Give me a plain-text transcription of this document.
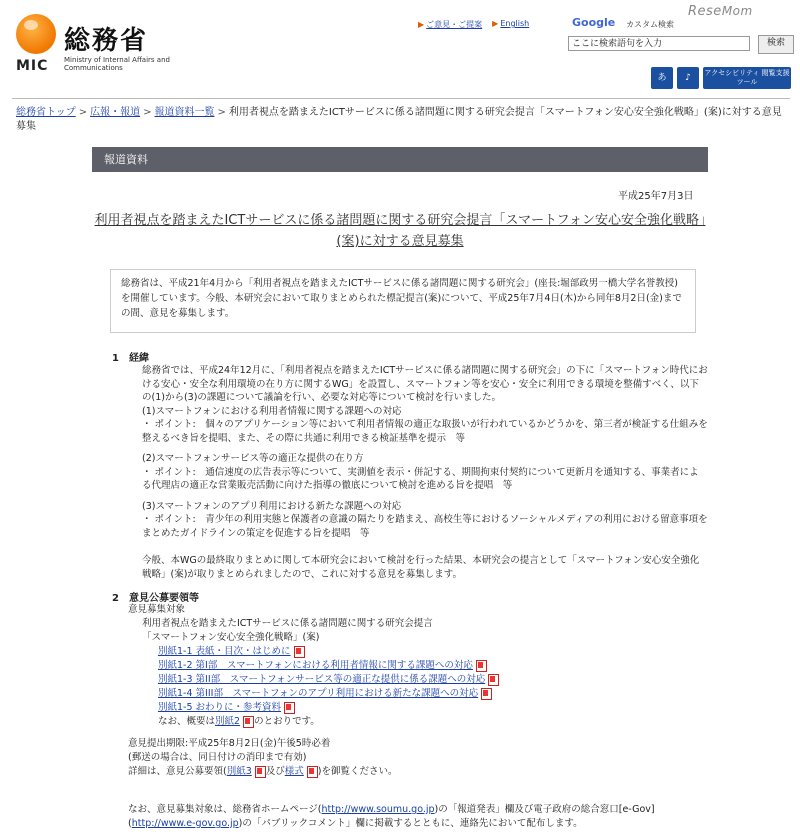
総務省
MIC Ministry of Internal Affairs and Communications
▶ ご意見・ご提案 ▶ English	Google カスタム検索
ここに検索語句を入力	検索
ReseMom
あ	♪	アクセシビリティ 閲覧支援ツール
総務省トップ > 広報・報道 > 報道資料一覧 > 利用者視点を踏まえたICTサービスに係る諸問題に関する研究会提言「スマートフォン安心安全強化戦略」(案)に対する意見募集
報道資料
平成25年7月3日
利用者視点を踏まえたICTサービスに係る諸問題に関する研究会提言「スマートフォン安心安全強化戦略」(案)に対する意見募集
総務省は、平成21年4月から「利用者視点を踏まえたICTサービスに係る諸問題に関する研究会」(座長:堀部政男一橋大学名誉教授)を開催しています。今般、本研究会において取りまとめられた標記提言(案)について、平成25年7月4日(木)から同年8月2日(金)までの間、意見を募集します。
1　経緯

総務省では、平成24年12月に、「利用者視点を踏まえたICTサービスに係る諸問題に関する研究会」の下に「スマートフォン時代における安心・安全な利用環境の在り方に関するWG」を設置し、スマートフォン等を安心・安全に利用できる環境を整備すべく、以下の(1)から(3)の課題について議論を行い、必要な対応等について検討を行いました。

(1)スマートフォンにおける利用者情報に関する課題への対応

・ ポイント:　個々のアプリケーション等において利用者情報の適正な取扱いが行われているかどうかを、第三者が検証する仕組みを整えるべき旨を提唱、また、その際に共通に利用できる検証基準を提示　等

(2)スマートフォンサービス等の適正な提供の在り方

・ ポイント:　通信速度の広告表示等について、実測値を表示・併記する、期間拘束付契約について更新月を通知する、事業者による代理店の適正な営業販売活動に向けた指導の徹底について検討を進める旨を提唱　等

(3)スマートフォンのアプリ利用における新たな課題への対応

・ ポイント:　青少年の利用実態と保護者の意識の隔たりを踏まえ、高校生等におけるソーシャルメディアの利用における留意事項をまとめたガイドラインの策定を促進する旨を提唱　等

今般、本WGの最終取りまとめに関して本研究会において検討を行った結果、本研究会の提言として「スマートフォン安心安全強化戦略」(案)が取りまとめられましたので、これに対する意見を募集します。

2　意見公募要領等
意見募集対象
利用者視点を踏まえたICTサービスに係る諸問題に関する研究会提言
「スマートフォン安心安全強化戦略」(案)
別紙1-1 表紙・目次・はじめに
別紙1-2 第I部　スマートフォンにおける利用者情報に関する課題への対応
別紙1-3 第II部　スマートフォンサービス等の適正な提供に係る課題への対応
別紙1-4 第III部　スマートフォンのアプリ利用における新たな課題への対応
別紙1-5 おわりに・参考資料
なお、概要は別紙2 のとおりです。
意見提出期限:平成25年8月2日(金)午後5時必着
(郵送の場合は、同日付けの消印まで有効)
詳細は、意見公募要領(別紙3 及び様式 )を御覧ください。
なお、意見募集対象は、総務省ホームページ(http://www.soumu.go.jp)の「報道発表」欄及び電子政府の総合窓口[e-Gov](http://www.e-gov.go.jp)の「パブリックコメント」欄に掲載するとともに、連絡先において配布します。
